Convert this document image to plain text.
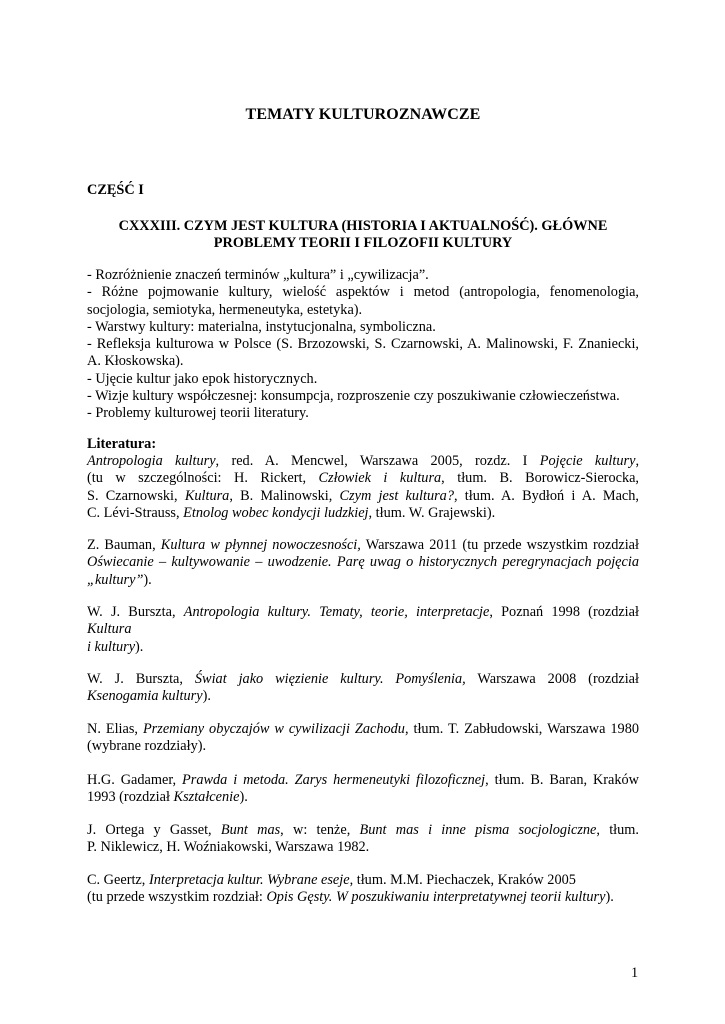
TEMATY KULTUROZNAWCZE
CZĘŚĆ I
CXXXIII. CZYM JEST KULTURA (HISTORIA I AKTUALNOŚĆ). GŁÓWNE
PROBLEMY TEORII I FILOZOFII KULTURY
- Rozróżnienie znaczeń terminów „kultura” i „cywilizacja”.
- Różne pojmowanie kultury, wielość aspektów i metod (antropologia, fenomenologia,
socjologia, semiotyka, hermeneutyka, estetyka).
- Warstwy kultury: materialna, instytucjonalna, symboliczna.
- Refleksja kulturowa w Polsce (S. Brzozowski, S. Czarnowski, A. Malinowski, F. Znaniecki,
A. Kłoskowska).
- Ujęcie kultur jako epok historycznych.
- Wizje kultury współczesnej: konsumpcja, rozproszenie czy poszukiwanie człowieczeństwa.
- Problemy kulturowej teorii literatury.
Literatura:
Antropologia kultury, red. A. Mencwel, Warszawa 2005, rozdz. I Pojęcie kultury,
(tu w szczególności: H. Rickert, Człowiek i kultura, tłum. B. Borowicz-Sierocka,
S. Czarnowski, Kultura, B. Malinowski, Czym jest kultura?, tłum. A. Bydłoń i A. Mach,
C. Lévi-Strauss, Etnolog wobec kondycji ludzkiej, tłum. W. Grajewski).
Z. Bauman, Kultura w płynnej nowoczesności, Warszawa 2011 (tu przede wszystkim rozdział
Oświecanie – kultywowanie – uwodzenie. Parę uwag o historycznych peregrynacjach pojęcia
„kultury”).
W. J. Burszta, Antropologia kultury. Tematy, teorie, interpretacje, Poznań 1998 (rozdział
Kultura
i kultury).
W. J. Burszta, Świat jako więzienie kultury. Pomyślenia, Warszawa 2008 (rozdział
Ksenogamia kultury).
N. Elias, Przemiany obyczajów w cywilizacji Zachodu, tłum. T. Zabłudowski, Warszawa 1980
(wybrane rozdziały).
H.G. Gadamer, Prawda i metoda. Zarys hermeneutyki filozoficznej, tłum. B. Baran, Kraków
1993 (rozdział Kształcenie).
J. Ortega y Gasset, Bunt mas, w: tenże, Bunt mas i inne pisma socjologiczne, tłum.
P. Niklewicz, H. Woźniakowski, Warszawa 1982.
C. Geertz, Interpretacja kultur. Wybrane eseje, tłum. M.M. Piechaczek, Kraków 2005
(tu przede wszystkim rozdział: Opis Gęsty. W poszukiwaniu interpretatywnej teorii kultury).
1
